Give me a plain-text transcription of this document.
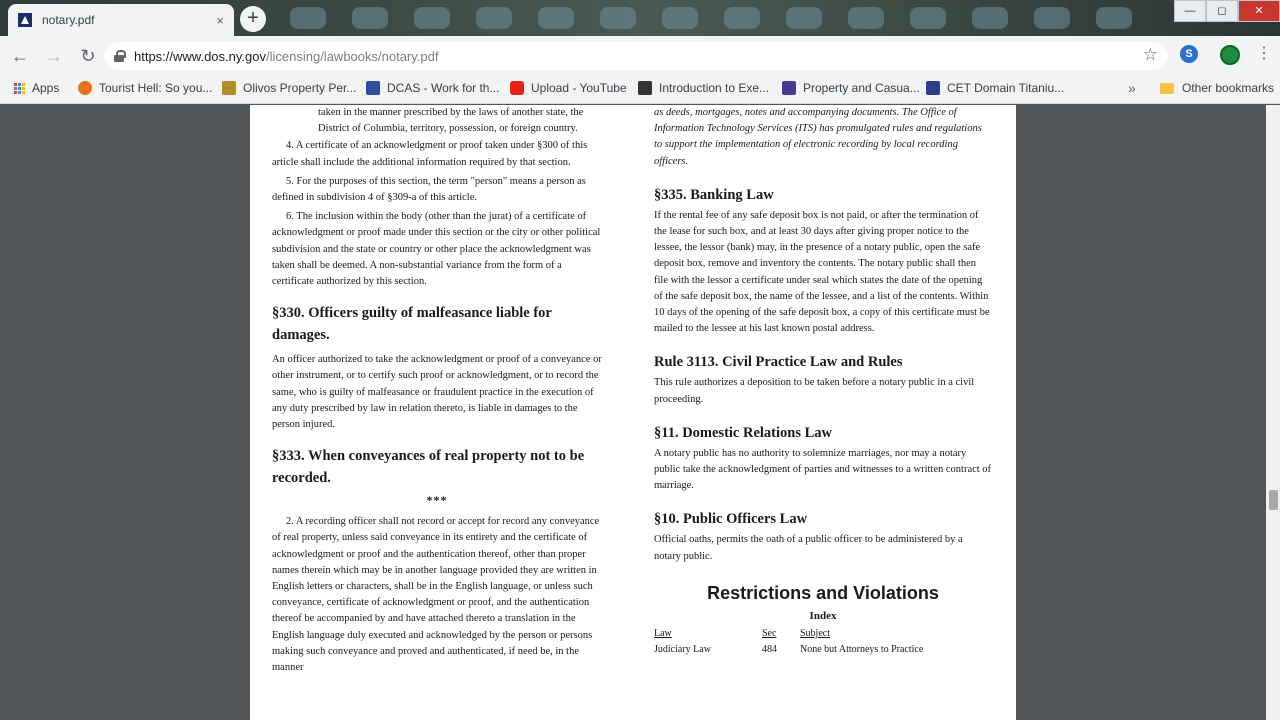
notary.pdf	×	+	—	◻	✕
← → ↻	https://www.dos.ny.gov/licensing/lawbooks/notary.pdf	☆	S	⋮
Apps	Tourist Hell: So you...	Olivos Property Per...	DCAS - Work for th...	Upload - YouTube	Introduction to Exe...	Property and Casua... CET Domain Titaniu...	»	Other bookmarks

taken in the manner prescribed by the laws of another state, the District of Columbia, territory, possession, or foreign country.

4. A certificate of an acknowledgment or proof taken under §300 of this article shall include the additional information required by that section.

5. For the purposes of this section, the term "person" means a person as defined in subdivision 4 of §309-a of this article.

6. The inclusion within the body (other than the jurat) of a certificate of acknowledgment or proof made under this section or the city or other political subdivision and the state or country or other place the acknowledgment was taken shall be deemed. A non-substantial variance from the form of a certificate authorized by this section.

§330. Officers guilty of malfeasance liable for damages.

An officer authorized to take the acknowledgment or proof of a conveyance or other instrument, or to certify such proof or acknowledgment, or to record the same, who is guilty of malfeasance or fraudulent practice in the execution of any duty prescribed by law in relation thereto, is liable in damages to the person injured.

§333. When conveyances of real property not to be recorded.

***

2. A recording officer shall not record or accept for record any conveyance of real property, unless said conveyance in its entirety and the certificate of acknowledgment or proof and the authentication thereof, other than proper names therein which may be in another language provided they are written in English letters or characters, shall be in the English language, or unless such conveyance, certificate of acknowledgment or proof, and the authentication thereof be accompanied by and have attached thereto a translation in the English language duly executed and acknowledged by the person or persons making such conveyance and proved and authenticated, if need be, in the manner

as deeds, mortgages, notes and accompanying documents. The Office of Information Technology Services (ITS) has promulgated rules and regulations to support the implementation of electronic recording by local recording officers.

§335. Banking Law

If the rental fee of any safe deposit box is not paid, or after the termination of the lease for such box, and at least 30 days after giving proper notice to the lessee, the lessor (bank) may, in the presence of a notary public, open the safe deposit box, remove and inventory the contents. The notary public shall then file with the lessor a certificate under seal which states the date of the opening of the safe deposit box, the name of the lessee, and a list of the contents. Within 10 days of the opening of the safe deposit box, a copy of this certificate must be mailed to the lessee at his last known postal address.

Rule 3113. Civil Practice Law and Rules

This rule authorizes a deposition to be taken before a notary public in a civil proceeding.

§11. Domestic Relations Law

A notary public has no authority to solemnize marriages, nor may a notary public take the acknowledgment of parties and witnesses to a written contract of marriage.

§10. Public Officers Law

Official oaths, permits the oath of a public officer to be administered by a notary public.

Restrictions and Violations

Index

Law	Sec	Subject
Judiciary Law	484	None but Attorneys to Practice
